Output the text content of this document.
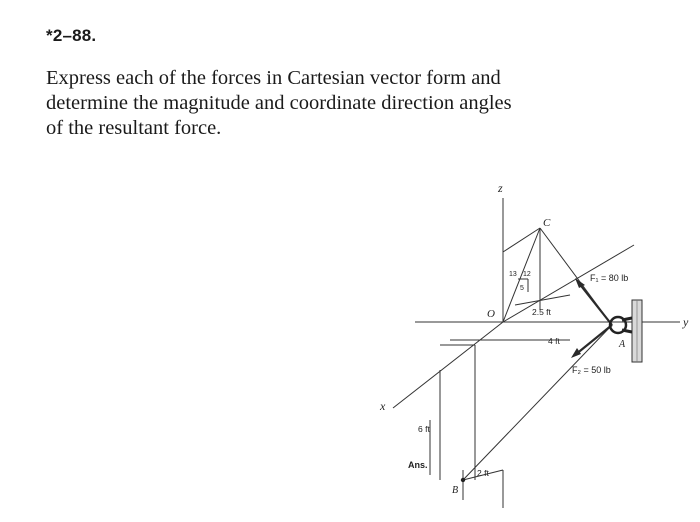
*2–88.

Express each of the forces in Cartesian vector form and
determine the magnitude and coordinate direction angles
of the resultant force.

z
x
y
O
C
A
B
F₁ = 80 lb
F₂ = 50 lb
2.5 ft
4 ft
6 ft
2 ft
13 12
5
Ans.
